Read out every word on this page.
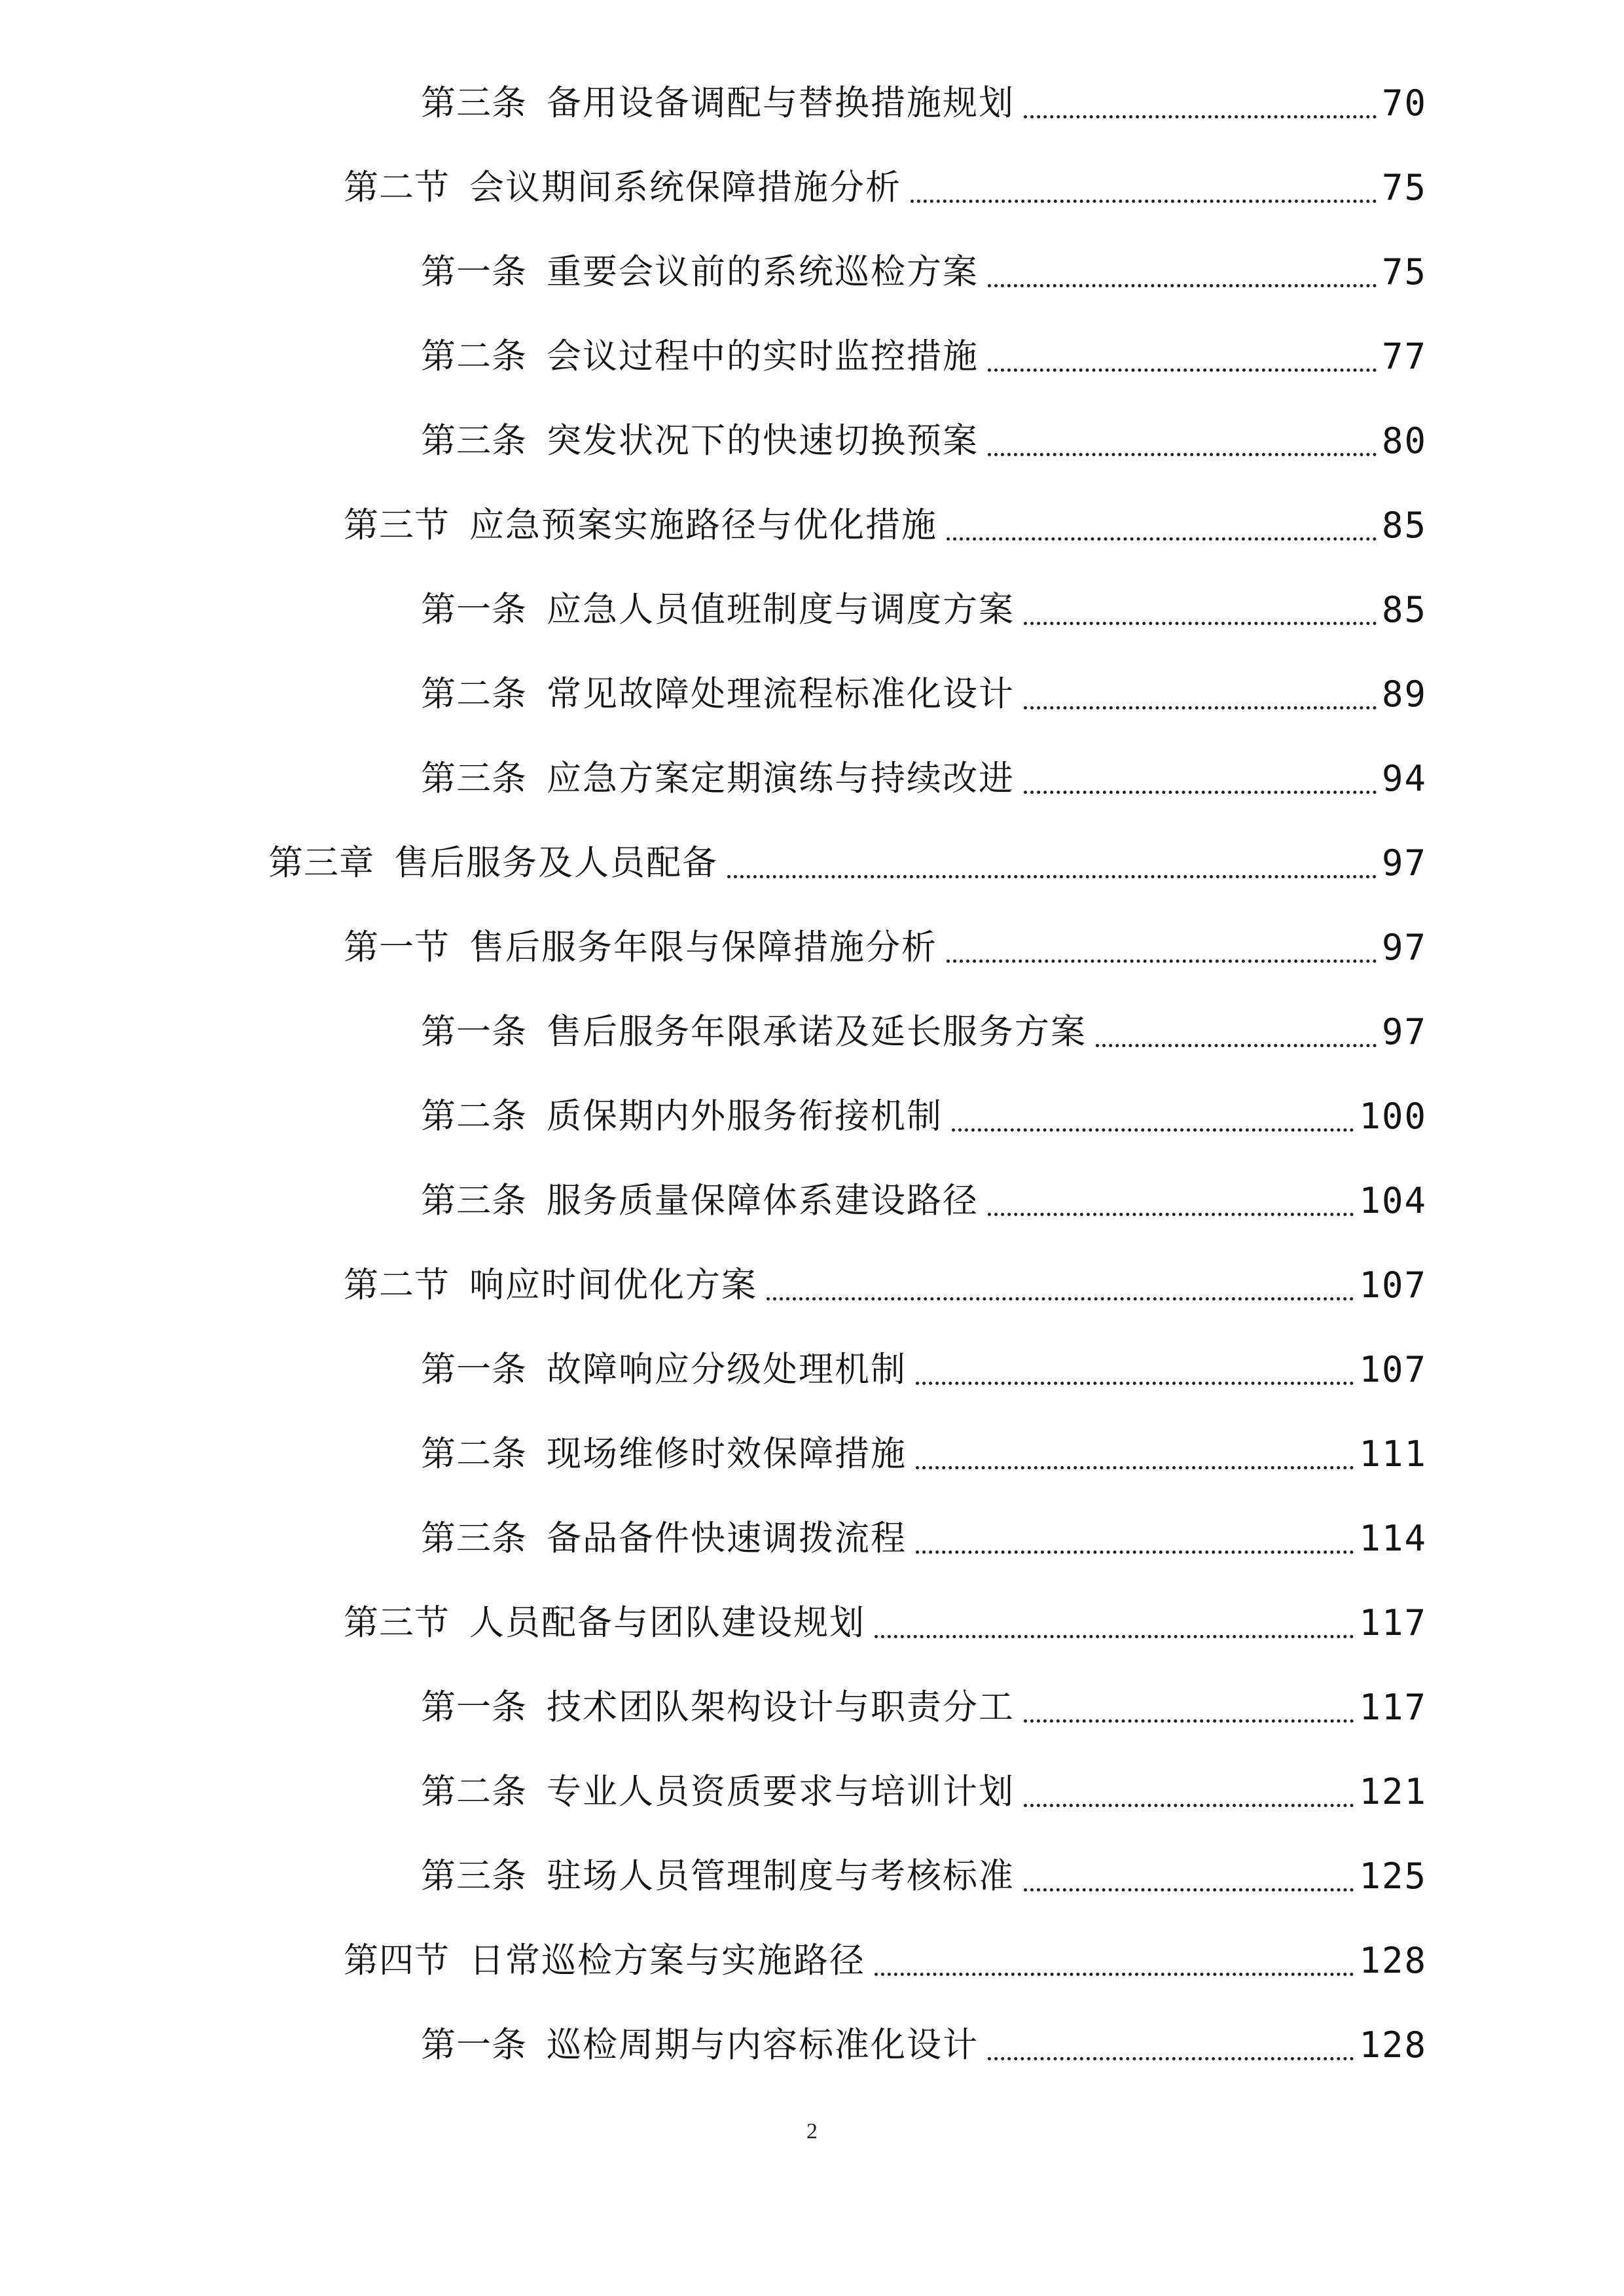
第三条 备用设备调配与替换措施规划	70
第二节 会议期间系统保障措施分析	75
第一条 重要会议前的系统巡检方案	75
第二条 会议过程中的实时监控措施	77
第三条 突发状况下的快速切换预案	80
第三节 应急预案实施路径与优化措施	85
第一条 应急人员值班制度与调度方案	85
第二条 常见故障处理流程标准化设计	89
第三条 应急方案定期演练与持续改进	94
第三章 售后服务及人员配备	97
第一节 售后服务年限与保障措施分析	97
第一条 售后服务年限承诺及延长服务方案	97
第二条 质保期内外服务衔接机制	100
第三条 服务质量保障体系建设路径	104
第二节 响应时间优化方案	107
第一条 故障响应分级处理机制	107
第二条 现场维修时效保障措施	111
第三条 备品备件快速调拨流程	114
第三节 人员配备与团队建设规划	117
第一条 技术团队架构设计与职责分工	117
第二条 专业人员资质要求与培训计划	121
第三条 驻场人员管理制度与考核标准	125
第四节 日常巡检方案与实施路径	128
第一条 巡检周期与内容标准化设计	128
2
